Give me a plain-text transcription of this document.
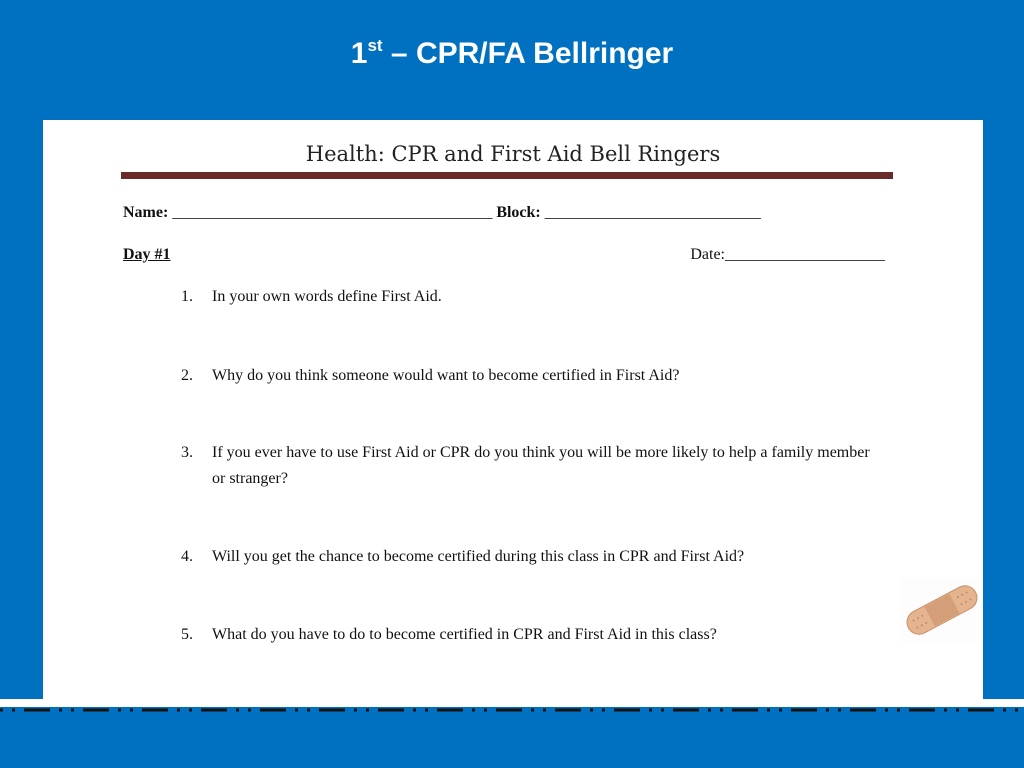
1st – CPR/FA Bellringer
Health: CPR and First Aid Bell Ringers
Name: ________________________________________ Block: ___________________________
Day #1	Date:____________________
1.	In your own words define First Aid.
2.	Why do you think someone would want to become certified in First Aid?
3.	If you ever have to use First Aid or CPR do you think you will be more likely to help a family member or stranger?
4.	Will you get the chance to become certified during this class in CPR and First Aid?
5.	What do you have to do to become certified in CPR and First Aid in this class?
